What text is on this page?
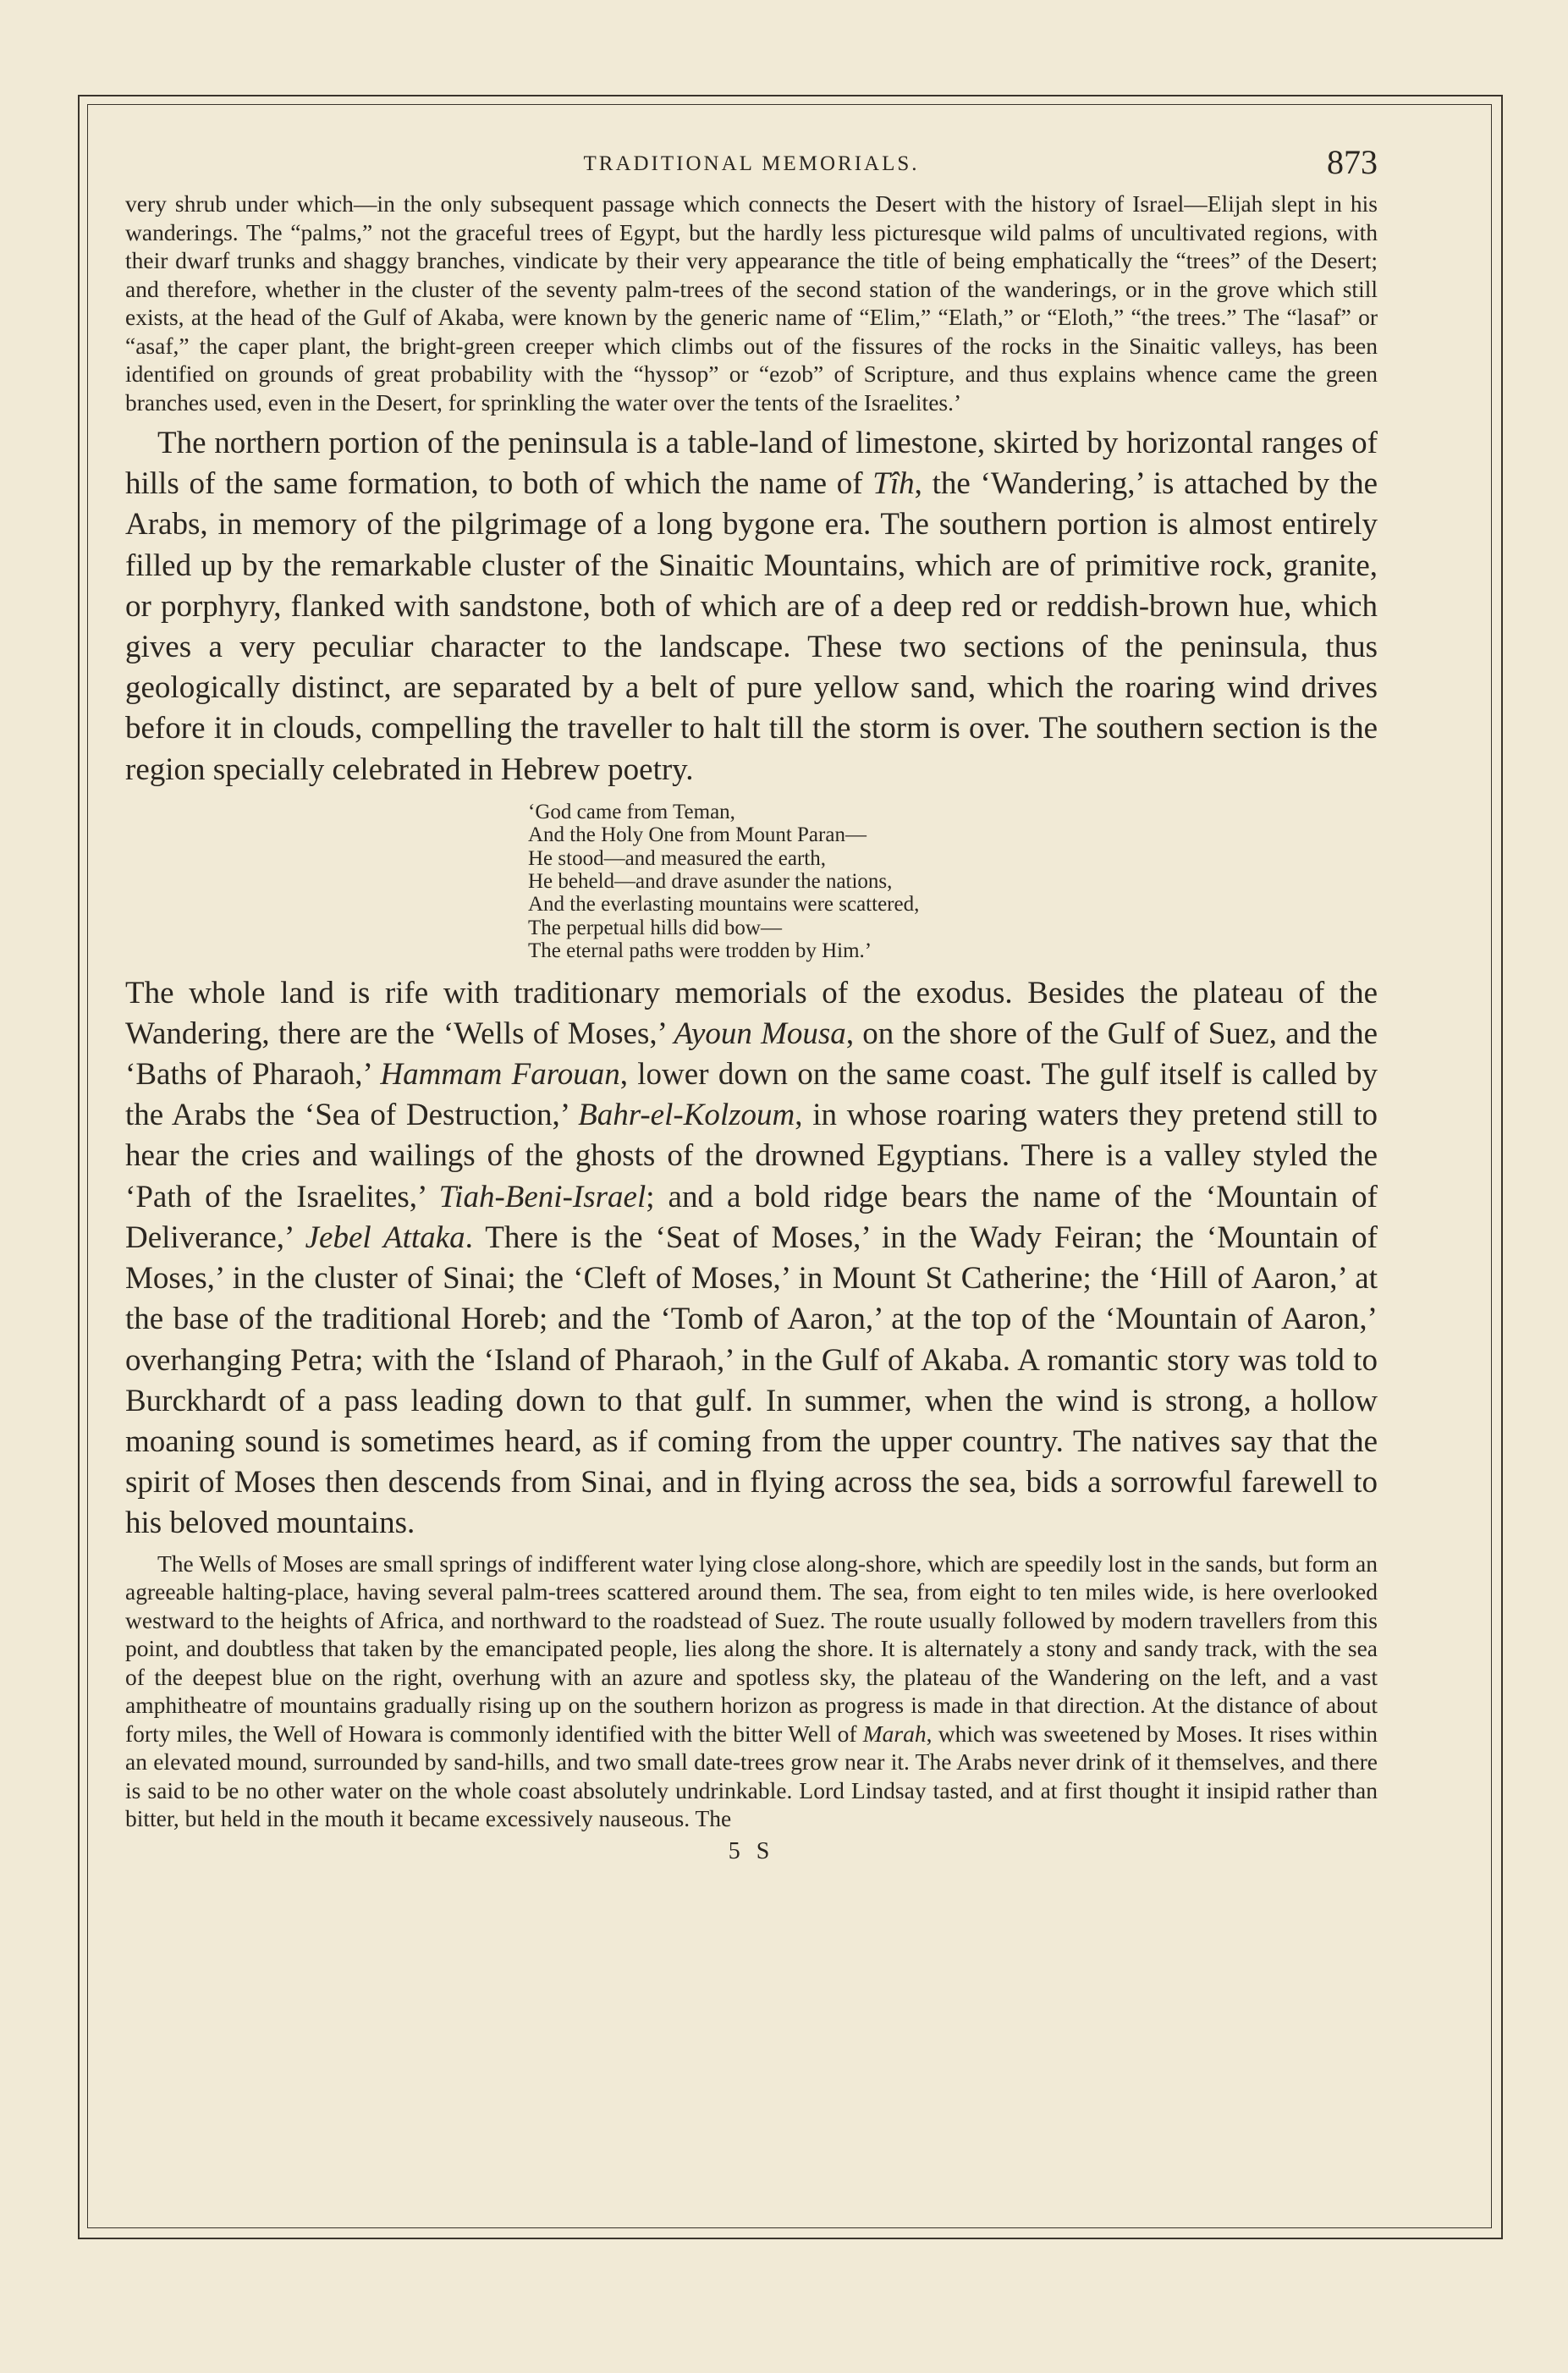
TRADITIONAL MEMORIALS.	873

very shrub under which—in the only subsequent passage which connects the Desert with the history of Israel—Elijah slept in his wanderings. The “palms,” not the graceful trees of Egypt, but the hardly less picturesque wild palms of uncultivated regions, with their dwarf trunks and shaggy branches, vindicate by their very appearance the title of being emphatically the “trees” of the Desert; and therefore, whether in the cluster of the seventy palm-trees of the second station of the wanderings, or in the grove which still exists, at the head of the Gulf of Akaba, were known by the generic name of “Elim,” “Elath,” or “Eloth,” “the trees.” The “lasaf” or “asaf,” the caper plant, the bright-green creeper which climbs out of the fissures of the rocks in the Sinaitic valleys, has been identified on grounds of great probability with the “hyssop” or “ezob” of Scripture, and thus explains whence came the green branches used, even in the Desert, for sprinkling the water over the tents of the Israelites.’

The northern portion of the peninsula is a table-land of limestone, skirted by horizontal ranges of hills of the same formation, to both of which the name of Tîh, the ‘Wandering,’ is attached by the Arabs, in memory of the pilgrimage of a long bygone era. The southern portion is almost entirely filled up by the remarkable cluster of the Sinaitic Mountains, which are of primitive rock, granite, or porphyry, flanked with sandstone, both of which are of a deep red or reddish-brown hue, which gives a very peculiar character to the landscape. These two sections of the peninsula, thus geologically distinct, are separated by a belt of pure yellow sand, which the roaring wind drives before it in clouds, compelling the traveller to halt till the storm is over. The southern section is the region specially celebrated in Hebrew poetry.

‘God came from Teman,
And the Holy One from Mount Paran—
He stood—and measured the earth,
He beheld—and drave asunder the nations,
And the everlasting mountains were scattered,
The perpetual hills did bow—
The eternal paths were trodden by Him.’

The whole land is rife with traditionary memorials of the exodus. Besides the plateau of the Wandering, there are the ‘Wells of Moses,’ Ayoun Mousa, on the shore of the Gulf of Suez, and the ‘Baths of Pharaoh,’ Hammam Farouan, lower down on the same coast. The gulf itself is called by the Arabs the ‘Sea of Destruction,’ Bahr-el-Kolzoum, in whose roaring waters they pretend still to hear the cries and wailings of the ghosts of the drowned Egyptians. There is a valley styled the ‘Path of the Israelites,’ Tiah-Beni-Israel; and a bold ridge bears the name of the ‘Mountain of Deliverance,’ Jebel Attaka. There is the ‘Seat of Moses,’ in the Wady Feiran; the ‘Mountain of Moses,’ in the cluster of Sinai; the ‘Cleft of Moses,’ in Mount St Catherine; the ‘Hill of Aaron,’ at the base of the traditional Horeb; and the ‘Tomb of Aaron,’ at the top of the ‘Mountain of Aaron,’ overhanging Petra; with the ‘Island of Pharaoh,’ in the Gulf of Akaba. A romantic story was told to Burckhardt of a pass leading down to that gulf. In summer, when the wind is strong, a hollow moaning sound is sometimes heard, as if coming from the upper country. The natives say that the spirit of Moses then descends from Sinai, and in flying across the sea, bids a sorrowful farewell to his beloved mountains.

The Wells of Moses are small springs of indifferent water lying close along-shore, which are speedily lost in the sands, but form an agreeable halting-place, having several palm-trees scattered around them. The sea, from eight to ten miles wide, is here overlooked westward to the heights of Africa, and northward to the roadstead of Suez. The route usually followed by modern travellers from this point, and doubtless that taken by the emancipated people, lies along the shore. It is alternately a stony and sandy track, with the sea of the deepest blue on the right, overhung with an azure and spotless sky, the plateau of the Wandering on the left, and a vast amphitheatre of mountains gradually rising up on the southern horizon as progress is made in that direction. At the distance of about forty miles, the Well of Howara is commonly identified with the bitter Well of Marah, which was sweetened by Moses. It rises within an elevated mound, surrounded by sand-hills, and two small date-trees grow near it. The Arabs never drink of it themselves, and there is said to be no other water on the whole coast absolutely undrinkable. Lord Lindsay tasted, and at first thought it insipid rather than bitter, but held in the mouth it became excessively nauseous. The

5 S
